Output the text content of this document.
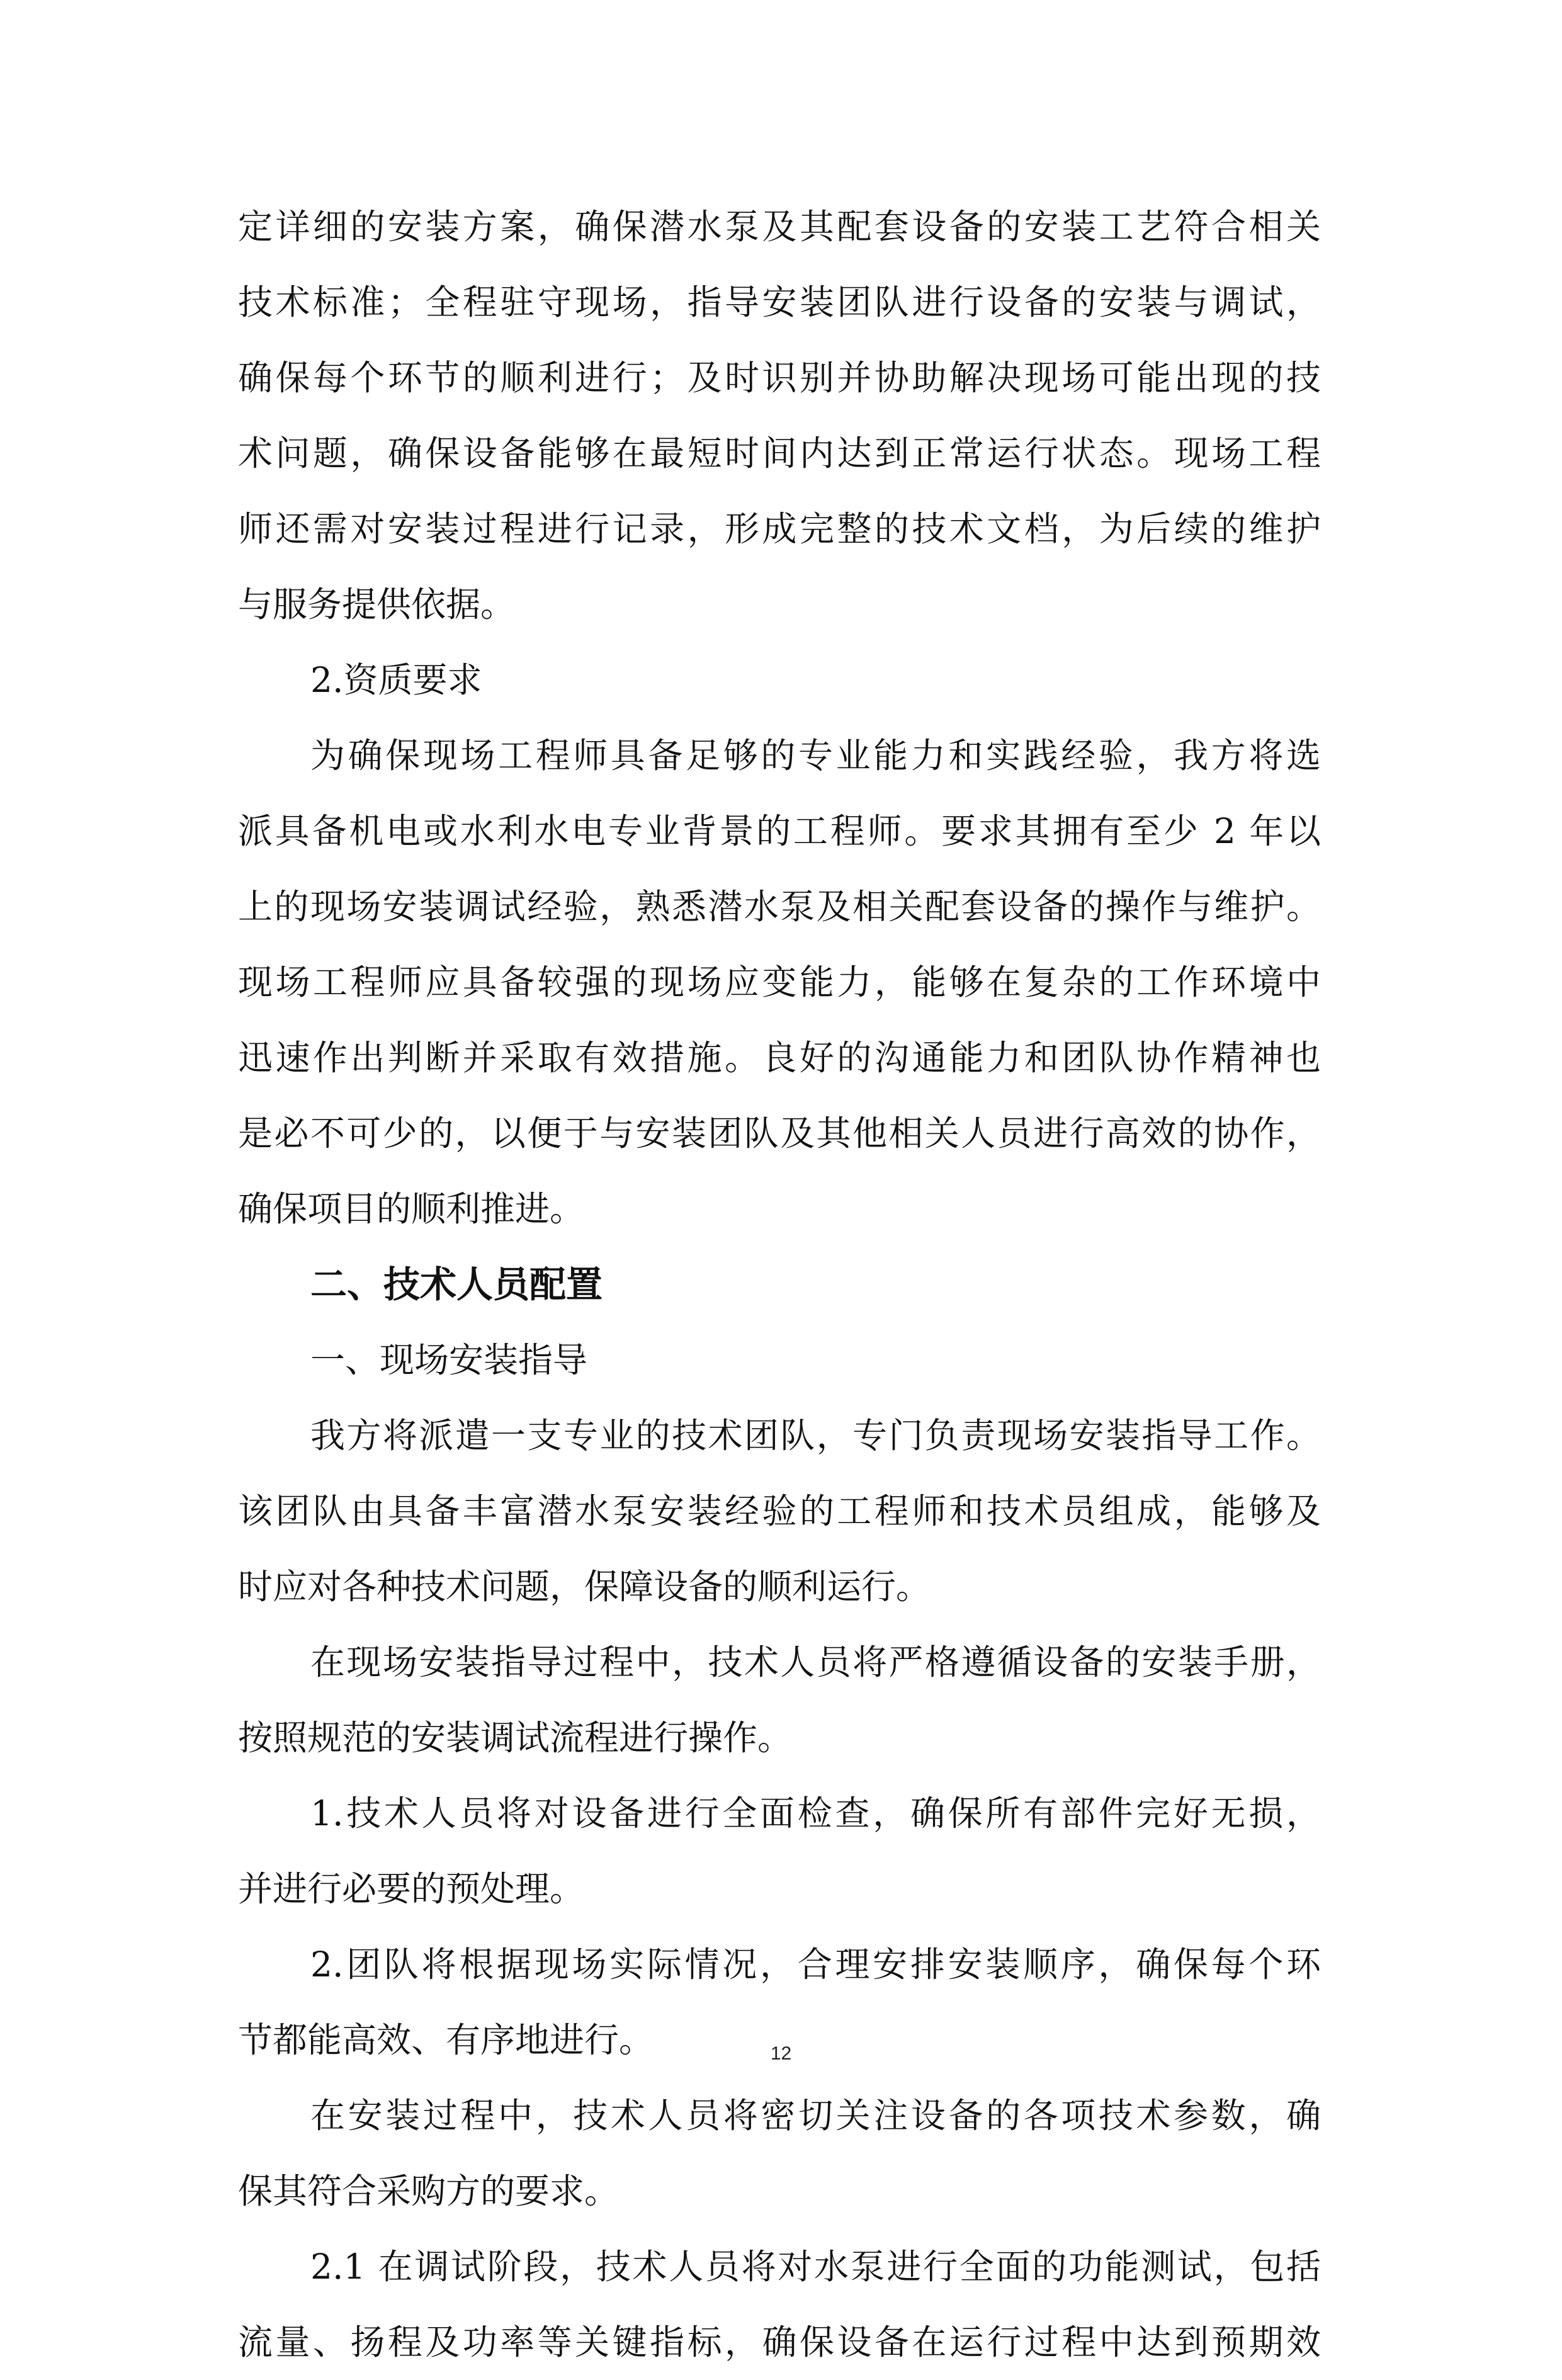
定详细的安装方案，确保潜水泵及其配套设备的安装工艺符合相关
技术标准；全程驻守现场，指导安装团队进行设备的安装与调试，
确保每个环节的顺利进行；及时识别并协助解决现场可能出现的技
术问题，确保设备能够在最短时间内达到正常运行状态。现场工程
师还需对安装过程进行记录，形成完整的技术文档，为后续的维护
与服务提供依据。
2.资质要求
为确保现场工程师具备足够的专业能力和实践经验，我方将选
派具备机电或水利水电专业背景的工程师。要求其拥有至少 2 年以
上的现场安装调试经验，熟悉潜水泵及相关配套设备的操作与维护。
现场工程师应具备较强的现场应变能力，能够在复杂的工作环境中
迅速作出判断并采取有效措施。良好的沟通能力和团队协作精神也
是必不可少的，以便于与安装团队及其他相关人员进行高效的协作，
确保项目的顺利推进。
二、技术人员配置
一、现场安装指导
我方将派遣一支专业的技术团队，专门负责现场安装指导工作。
该团队由具备丰富潜水泵安装经验的工程师和技术员组成，能够及
时应对各种技术问题，保障设备的顺利运行。
在现场安装指导过程中，技术人员将严格遵循设备的安装手册，
按照规范的安装调试流程进行操作。
1.技术人员将对设备进行全面检查，确保所有部件完好无损，
并进行必要的预处理。
2.团队将根据现场实际情况，合理安排安装顺序，确保每个环
节都能高效、有序地进行。
在安装过程中，技术人员将密切关注设备的各项技术参数，确
保其符合采购方的要求。
2.1 在调试阶段，技术人员将对水泵进行全面的功能测试，包括
流量、扬程及功率等关键指标，确保设备在运行过程中达到预期效
12
